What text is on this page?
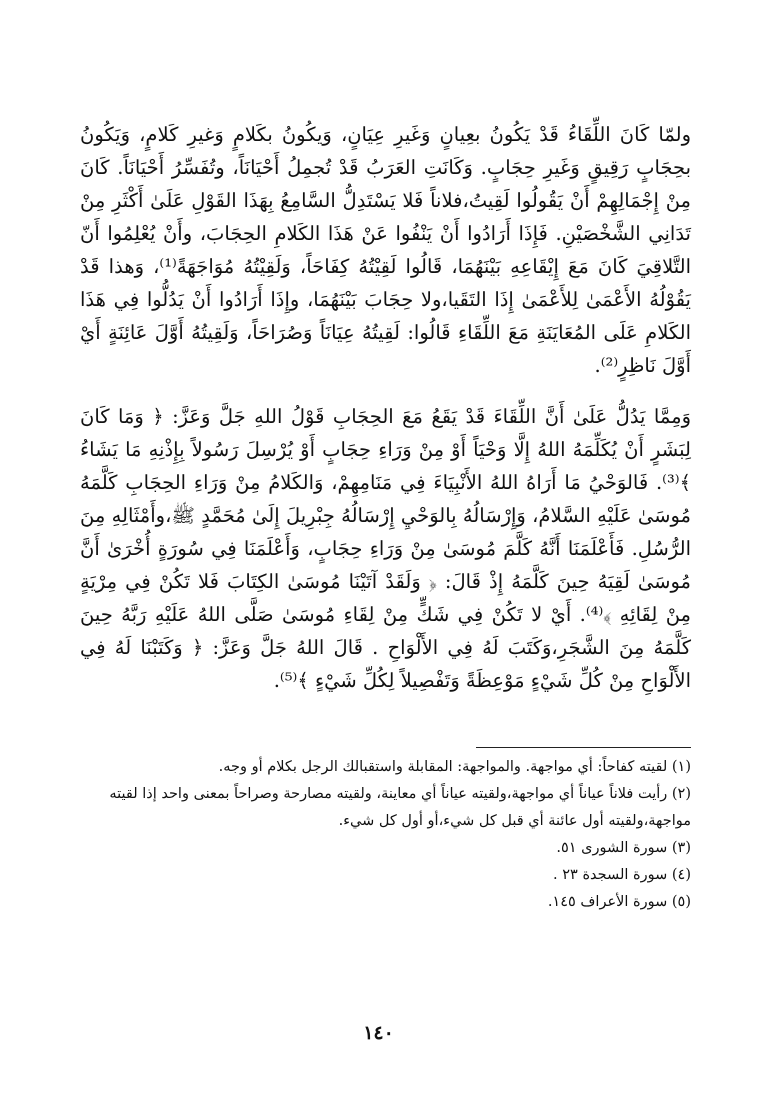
ولمّا كَانَ اللِّقَاءُ قَدْ يَكُونُ بعِيانٍ وَغَيرِ عِيَانٍ، وَيكُونُ بكَلامٍ وَغيرِ كَلامٍ، وَيَكُونُ بحِجَابٍ رَقِيقٍ وَغَيرِ حِجَابٍ. وَكَانَتِ العَرَبُ قَدْ تُجمِلُ أَحْيَانَاً، وتُفَسِّرُ أَحْيَانَاً. كَانَ مِنْ إِجْمَالِهِمْ أَنْ يَقُولُوا لَقِيتُ،فلاناً فَلا يَسْتَدِلُّ السَّامِعُ بِهَذَا القَوْلِ عَلَىٰ أَكْثَرِ مِنْ تَدَانِي الشَّخْصَيْنِ. فَإِذَا أَرَادُوا أَنْ يَنْفُوا عَنْ هَذَا الكَلامِ الحِجَابَ، وأَنْ يُعْلِمُوا أَنّ التَّلاقِيَ كَانَ مَعَ إِيْقَاعِهِ بَيْنَهُمَا، قَالُوا لَقِيْتُهُ كِفَاحَاً، وَلَقِيْتُهُ مُوَاجَهَةً⁽¹⁾، وَهذا قَدْ يَقُوْلُهُ الأَعْمَىٰ لِلأَعْمَىٰ إِذَا التَقَيا،ولا حِجَابَ بَيْنَهُمَا، وإِذَا أَرَادُوا أَنْ يَدُلُّوا فِي هَذَا الكَلامِ عَلَى المُعَايَنَةِ مَعَ اللِّقَاءِ قَالُوا: لَقِيتُهُ عِيَانَاً وَصُرَاحَاً، وَلَقِيتُهُ أَوَّلَ عَائِنَةٍ أَيْ أَوَّلَ نَاظِرٍ⁽²⁾.

وَمِمَّا يَدُلُّ عَلَىٰ أَنَّ اللِّقَاءَ قَدْ يَقَعُ مَعَ الحِجَابِ قَوْلُ اللهِ جَلَّ وَعَزَّ: ﴿ وَمَا كَانَ لِبَشَرٍ أَنْ يُكَلِّمَهُ اللهُ إِلَّا وَحْيَاً أَوْ مِنْ وَرَاءِ حِجَابٍ أَوْ يُرْسِلَ رَسُولاً بِإِذْنِهِ مَا يَشَاءُ ﴾⁽³⁾. فَالوَحْيُ مَا أَرَاهُ اللهُ الأَنْبِيَاءَ فِي مَنَامِهِمْ، وَالكَلامُ مِنْ وَرَاءِ الحِجَابِ كَلَّمَهُ مُوسَىٰ عَلَيْهِ السَّلامُ، وَإِرْسَالُهُ بِالوَحْيِ إِرْسَالُهُ جِبْرِيلَ إِلَىٰ مُحَمَّدٍ ﷺ،وأَمْثَالِهِ مِنَ الرُّسُلِ. فَأَعْلَمَنَا أَنَّهُ كَلَّمَ مُوسَىٰ مِنْ وَرَاءِ حِجَابٍ، وَأَعْلَمَنَا فِي سُورَةٍ أُخْرَىٰ أَنَّ مُوسَىٰ لَقِيَهُ حِينَ كَلَّمَهُ إِذْ قَالَ: ﴿ وَلَقَدْ آتَيْنَا مُوسَىٰ الكِتَابَ فَلا تَكُنْ فِي مِرْيَةٍ مِنْ لِقَائِهِ ﴾⁽⁴⁾. أَيْ لا تَكُنْ فِي شَكٍّ مِنْ لِقَاءِ مُوسَىٰ صَلَّى اللهُ عَلَيْهِ رَبَّهُ حِينَ كَلَّمَهُ مِنَ الشَّجَرِ،وَكَتَبَ لَهُ فِي الأَلْوَاحِ . قَالَ اللهُ جَلَّ وَعَزَّ: ﴿ وَكَتَبْنَا لَهُ فِي الأَلْوَاحِ مِنْ كُلِّ شَيْءٍ مَوْعِظَةً وَتَفْصِيلاً لِكُلِّ شَيْءٍ ﴾⁽⁵⁾.

(١) لقيته كفاحاً: أي مواجهة. والمواجهة: المقابلة واستقبالك الرجل بكلام أو وجه.
(٢) رأيت فلاناً عياناً أي مواجهة،ولقيته عياناً أي معاينة، ولقيته مصارحة وصراحاً بمعنى واحد إذا لقيته مواجهة،ولقيته أول عائنة أي قبل كل شيء،أو أول كل شيء.
(٣) سورة الشورى ٥١.
(٤) سورة السجدة ٢٣ .
(٥) سورة الأعراف ١٤٥.
١٤٠
